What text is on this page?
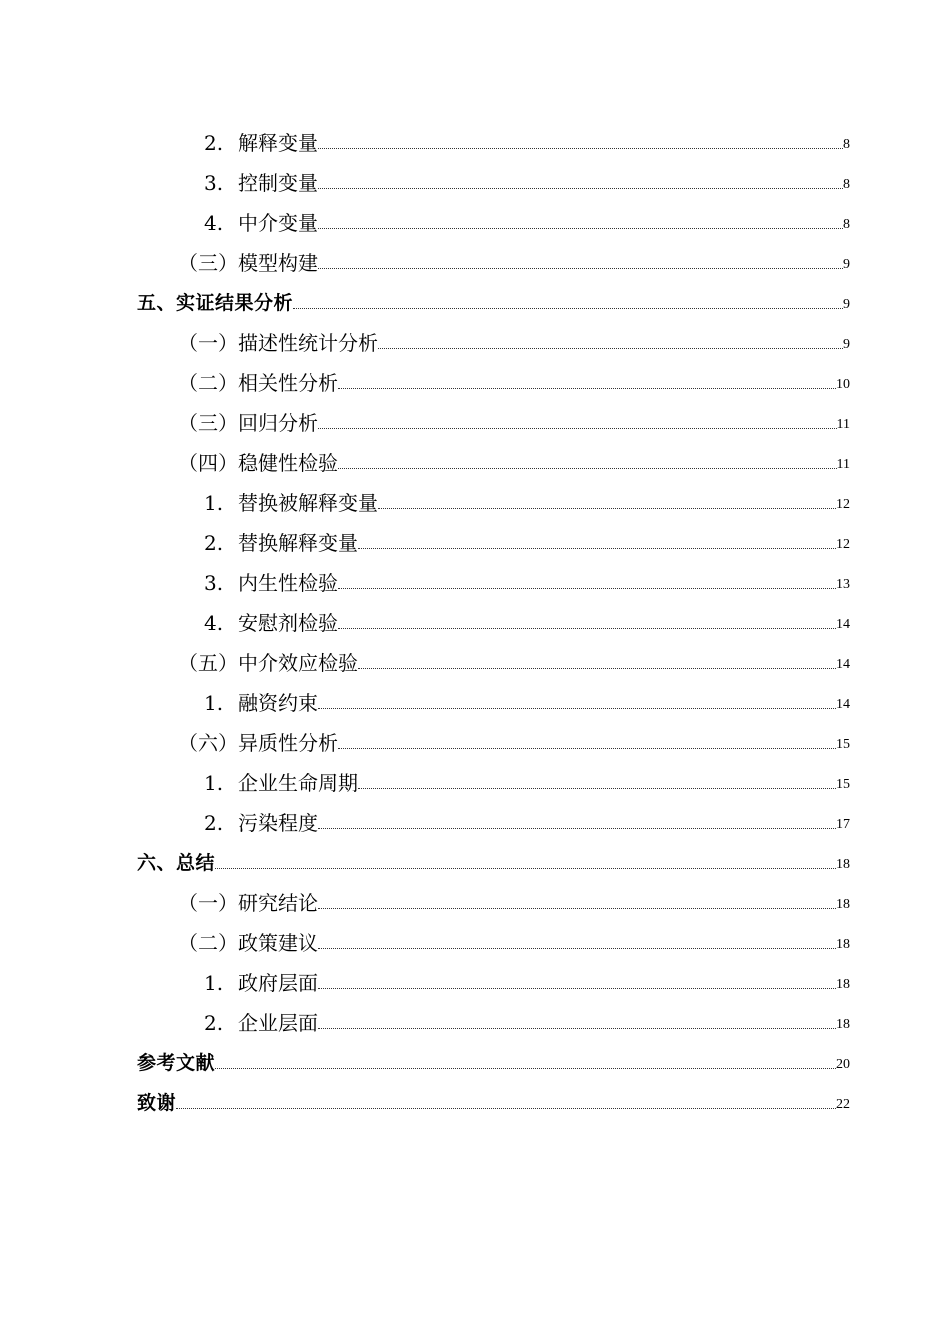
2. 解释变量	8
3. 控制变量	8
4. 中介变量	8
（三）模型构建	9
五、实证结果分析	9
（一）描述性统计分析	9
（二）相关性分析	10
（三）回归分析	11
（四）稳健性检验	11
1. 替换被解释变量	12
2. 替换解释变量	12
3. 内生性检验	13
4. 安慰剂检验	14
（五）中介效应检验	14
1. 融资约束	14
（六）异质性分析	15
1. 企业生命周期	15
2. 污染程度	17
六、总结	18
（一）研究结论	18
（二）政策建议	18
1. 政府层面	18
2. 企业层面	18
参考文献	20
致谢	22
